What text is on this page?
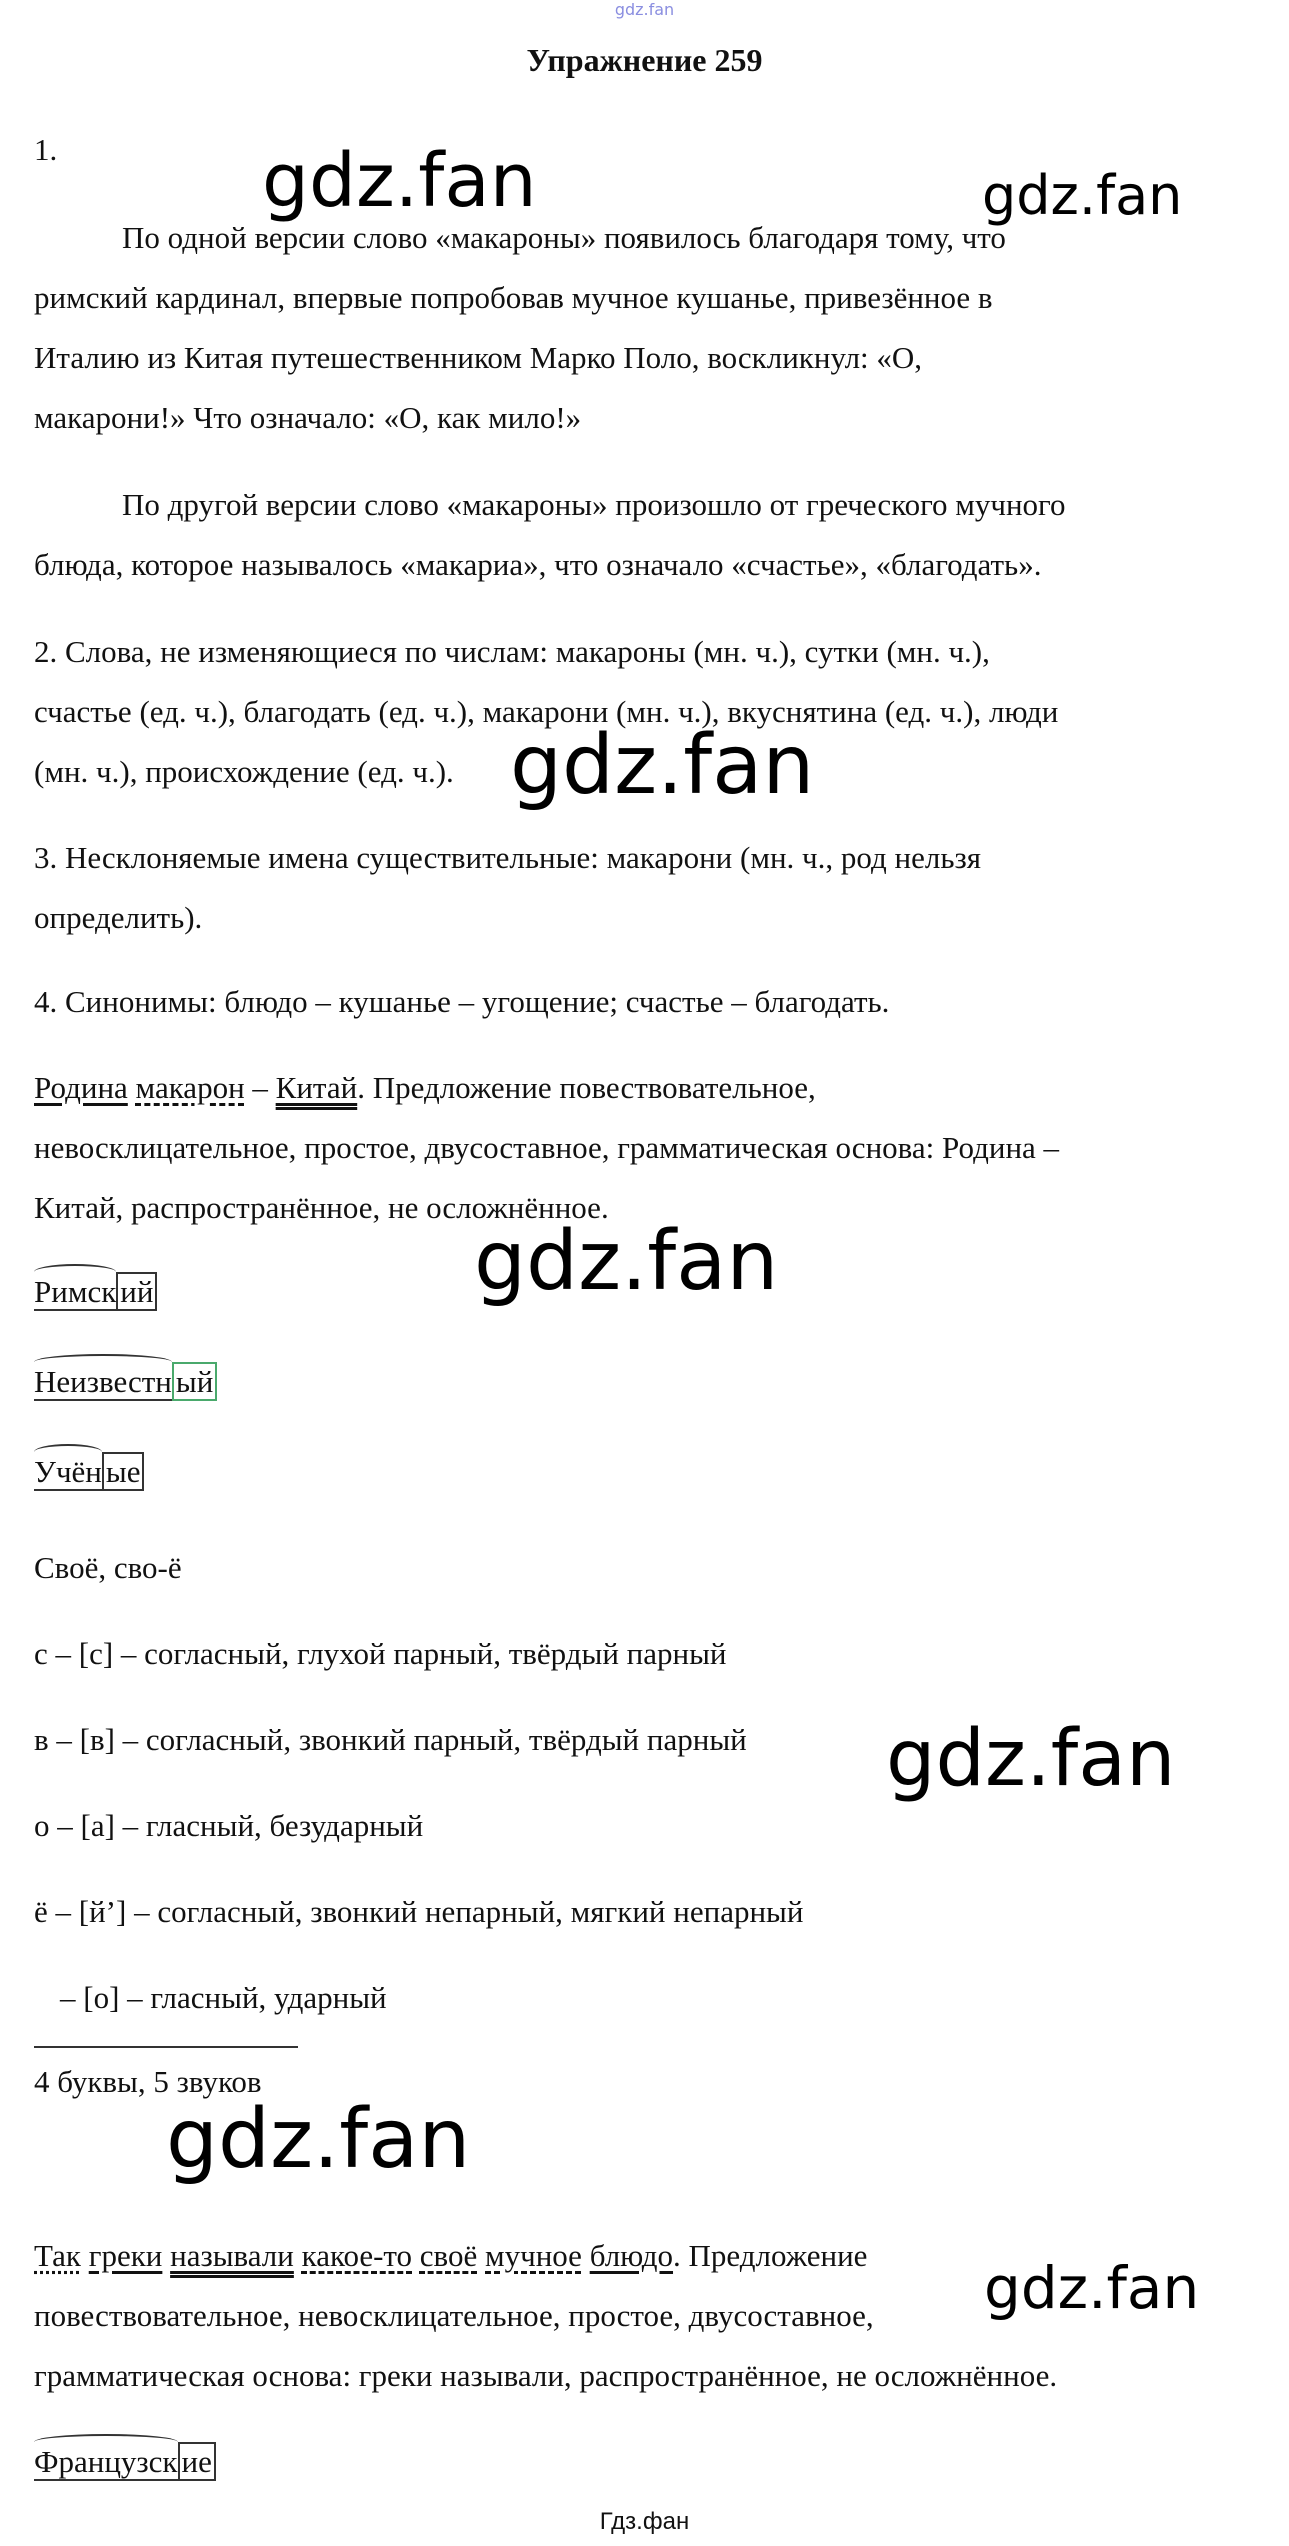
gdz.fan
Упражнение 259
1.
По одной версии слово «макароны» появилось благодаря тому, что
римский кардинал, впервые попробовав мучное кушанье, привезённое в
Италию из Китая путешественником Марко Поло, воскликнул: «О,
макарони!» Что означало: «О, как мило!»
По другой версии слово «макароны» произошло от греческого мучного
блюда, которое называлось «макариа», что означало «счастье», «благодать».
2. Слова, не изменяющиеся по числам: макароны (мн. ч.), сутки (мн. ч.),
счастье (ед. ч.), благодать (ед. ч.), макарони (мн. ч.), вкуснятина (ед. ч.), люди
(мн. ч.), происхождение (ед. ч.).
3. Несклоняемые имена существительные: макарони (мн. ч., род нельзя
определить).
4. Синонимы: блюдо – кушанье – угощение; счастье – благодать.
Родина макарон – Китай. Предложение повествовательное,
невосклицательное, простое, двусоставное, грамматическая основа: Родина –
Китай, распространённое, не осложнённое.
Римск ий
Неизвестн ый
Учён ые
Своё, сво-ё
с – [с] – согласный, глухой парный, твёрдый парный
в – [в] – согласный, звонкий парный, твёрдый парный
о – [а] – гласный, безударный
ё – [й’] – согласный, звонкий непарный, мягкий непарный
– [о] – гласный, ударный
4 буквы, 5 звуков
Так греки называли какое-то своё мучное блюдо. Предложение
повествовательное, невосклицательное, простое, двусоставное,
грамматическая основа: греки называли, распространённое, не осложнённое.
Французск ие
Гдз.фан
gdz.fan	gdz.fan
gdz.fan
gdz.fan
gdz.fan
gdz.fan
gdz.fan
